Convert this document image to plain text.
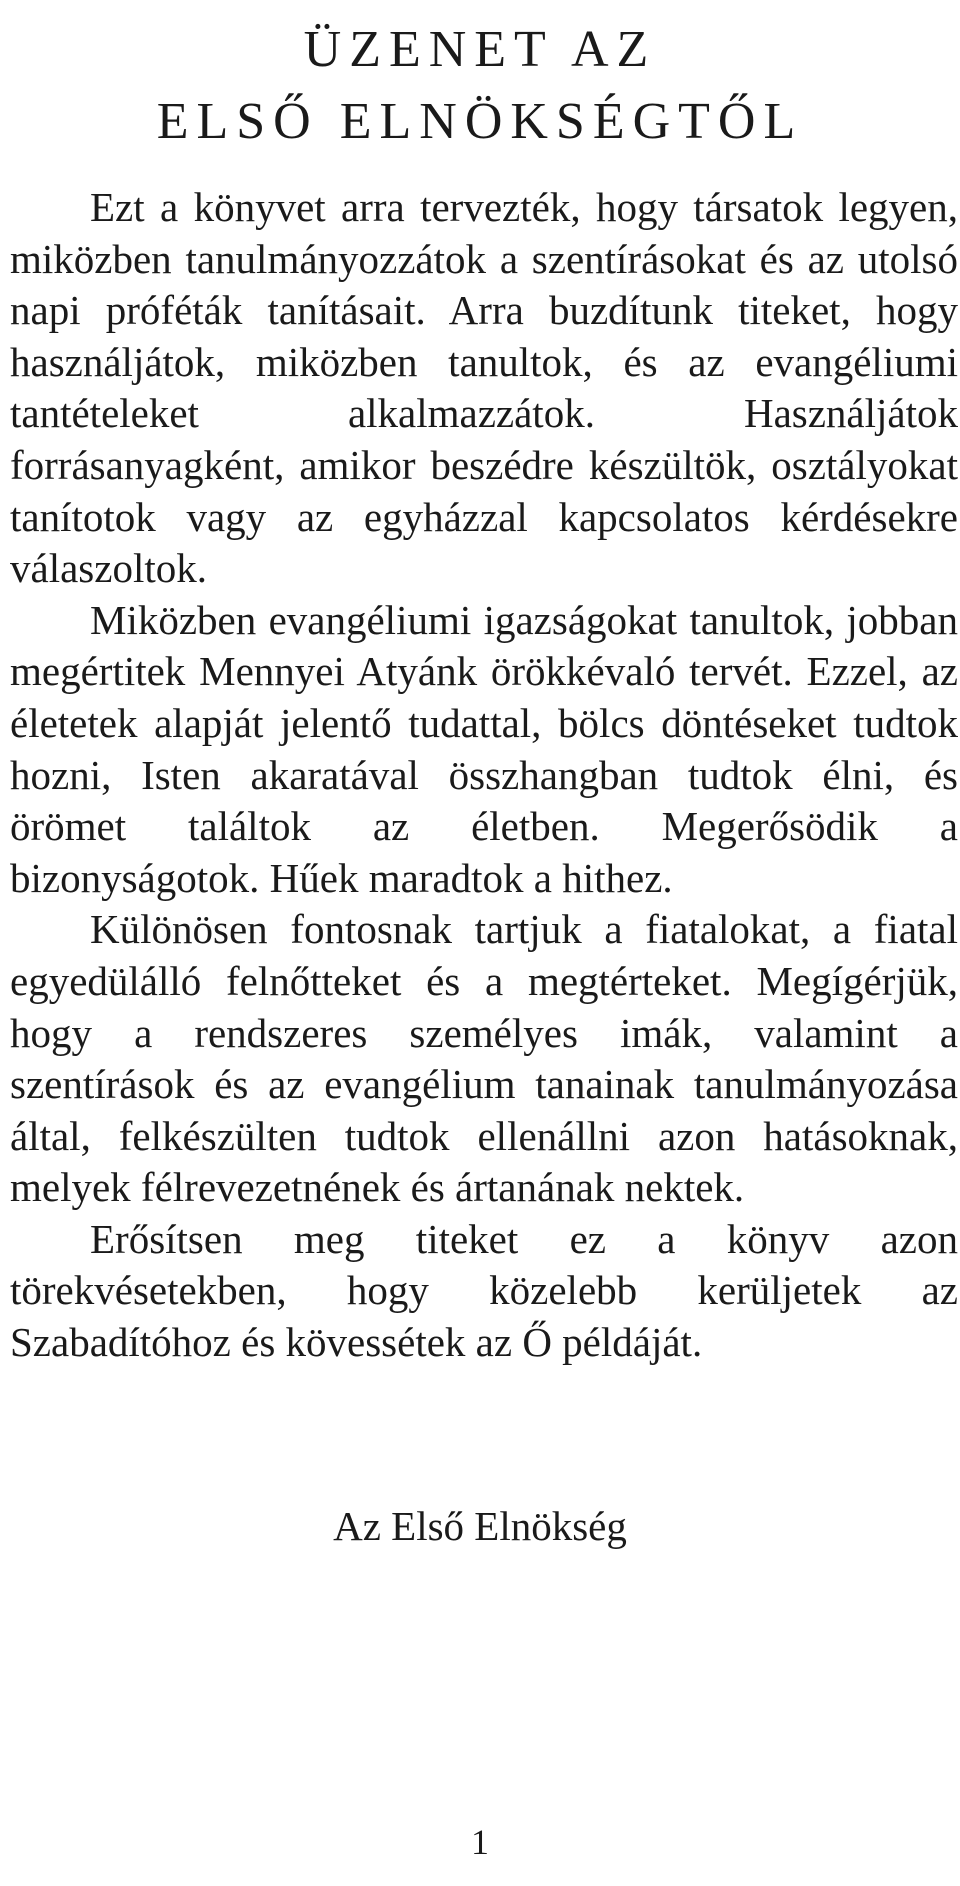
ÜZENET AZ
ELSŐ ELNÖKSÉGTŐL

Ezt a könyvet arra tervezték, hogy társatok legyen, miközben tanulmányozzátok a szentírásokat és az utolsó napi próféták tanításait. Arra buzdítunk titeket, hogy használjátok, miközben tanultok, és az evangéliumi tantételeket alkalmazzátok. Használjátok forrásanyagként, amikor beszédre készültök, osztályokat tanítotok vagy az egyházzal kapcsolatos kérdésekre válaszoltok.

Miközben evangéliumi igazságokat tanultok, jobban megértitek Mennyei Atyánk örökkévaló tervét. Ezzel, az életetek alapját jelentő tudattal, bölcs döntéseket tudtok hozni, Isten akaratával összhangban tudtok élni, és örömet találtok az életben. Megerősödik a bizonyságotok. Hűek maradtok a hithez.

Különösen fontosnak tartjuk a fiatalokat, a fiatal egyedülálló felnőtteket és a megtérteket. Megígérjük, hogy a rendszeres személyes imák, valamint a szentírások és az evangélium tanainak tanulmányozása által, felkészülten tudtok ellenállni azon hatásoknak, melyek félrevezetnének és ártanának nektek.

Erősítsen meg titeket ez a könyv azon törekvésetekben, hogy közelebb kerüljetek az Szabadítóhoz és kövessétek az Ő példáját.

Az Első Elnökség

1
